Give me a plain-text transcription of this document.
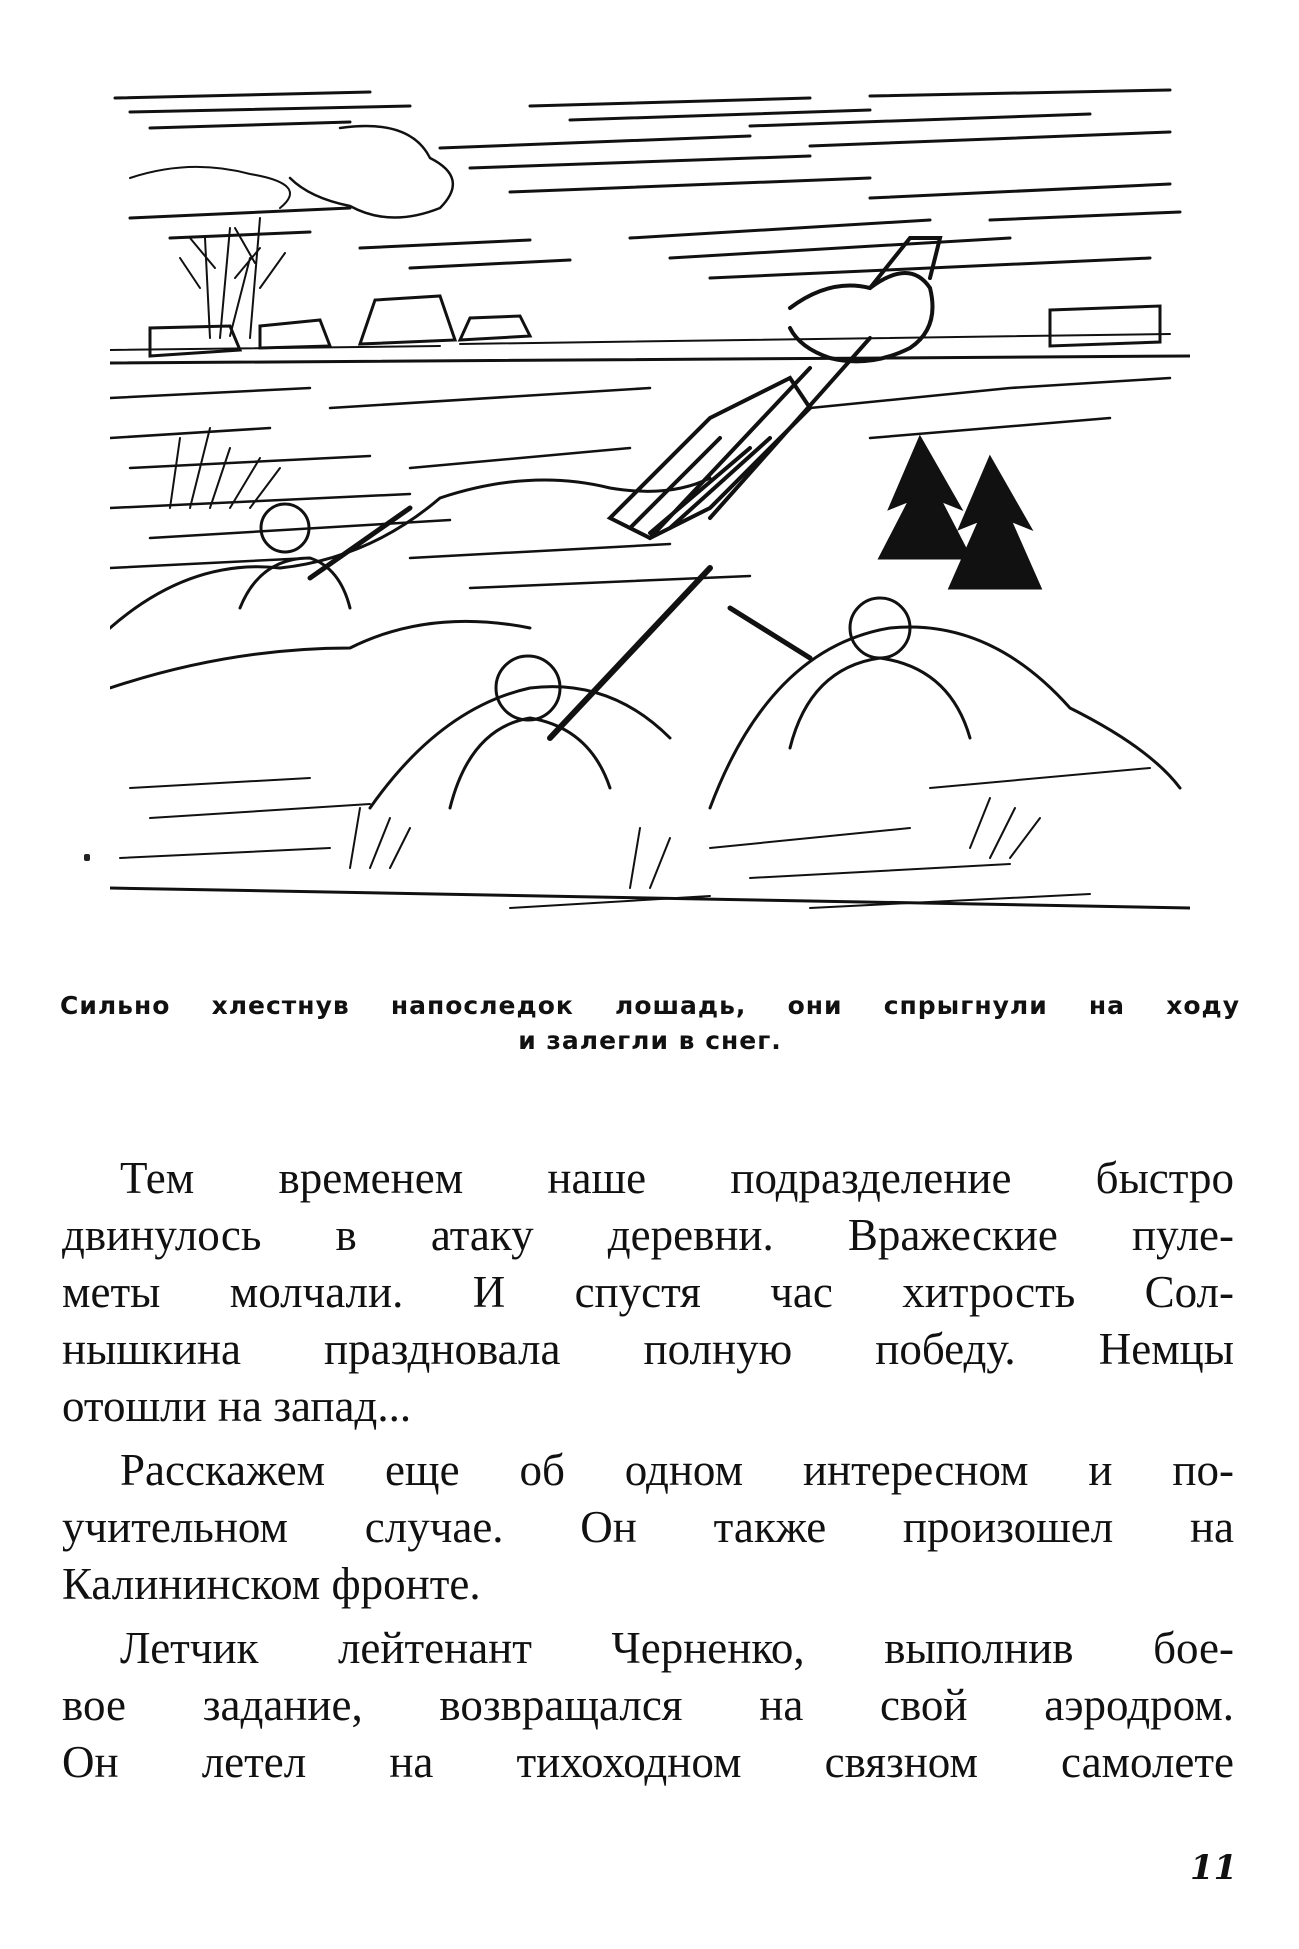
Сильно хлестнув напоследок лошадь, они спрыгнули на ходу
и залегли в снег.
Тем временем наше подразделение быстро
двинулось в атаку деревни. Вражеские пуле-
меты молчали. И спустя час хитрость Сол-
нышкина праздновала полную победу. Немцы
отошли на запад...
Расскажем еще об одном интересном и по-
учительном случае. Он также произошел на
Калининском фронте.
Летчик лейтенант Черненко, выполнив бое-
вое задание, возвращался на свой аэродром.
Он летел на тихоходном связном самолете
11
